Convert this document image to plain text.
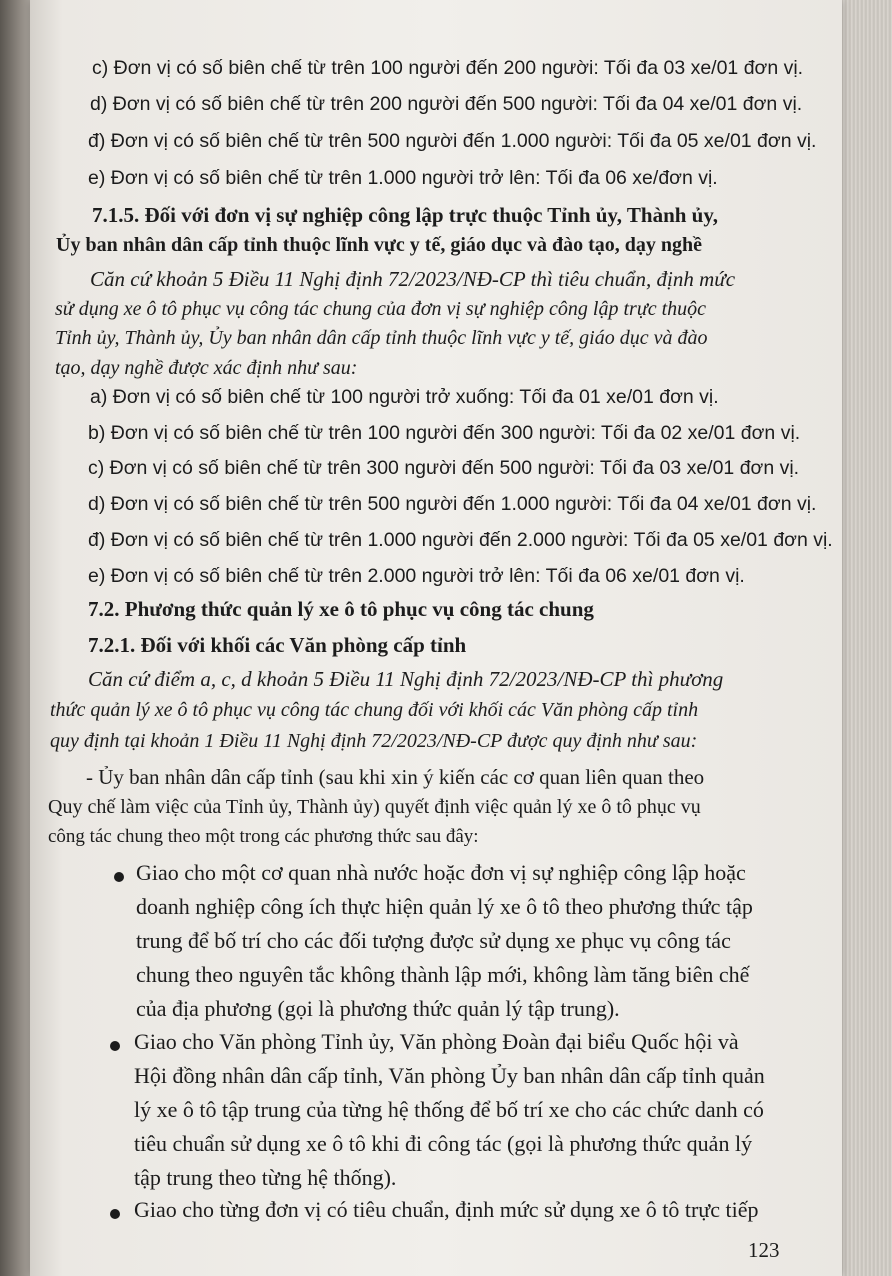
c) Đơn vị có số biên chế từ trên 100 người đến 200 người: Tối đa 03 xe/01 đơn vị.

d) Đơn vị có số biên chế từ trên 200 người đến 500 người: Tối đa 04 xe/01 đơn vị.

đ) Đơn vị có số biên chế từ trên 500 người đến 1.000 người: Tối đa 05 xe/01 đơn vị.

e) Đơn vị có số biên chế từ trên 1.000 người trở lên: Tối đa 06 xe/đơn vị.

7.1.5. Đối với đơn vị sự nghiệp công lập trực thuộc Tỉnh ủy, Thành ủy,

Ủy ban nhân dân cấp tỉnh thuộc lĩnh vực y tế, giáo dục và đào tạo, dạy nghề

Căn cứ khoản 5 Điều 11 Nghị định 72/2023/NĐ-CP thì tiêu chuẩn, định mức

sử dụng xe ô tô phục vụ công tác chung của đơn vị sự nghiệp công lập trực thuộc

Tỉnh ủy, Thành ủy, Ủy ban nhân dân cấp tỉnh thuộc lĩnh vực y tế, giáo dục và đào

tạo, dạy nghề được xác định như sau:

a) Đơn vị có số biên chế từ 100 người trở xuống: Tối đa 01 xe/01 đơn vị.

b) Đơn vị có số biên chế từ trên 100 người đến 300 người: Tối đa 02 xe/01 đơn vị.

c) Đơn vị có số biên chế từ trên 300 người đến 500 người: Tối đa 03 xe/01 đơn vị.

d) Đơn vị có số biên chế từ trên 500 người đến 1.000 người: Tối đa 04 xe/01 đơn vị.

đ) Đơn vị có số biên chế từ trên 1.000 người đến 2.000 người: Tối đa 05 xe/01 đơn vị.

e) Đơn vị có số biên chế từ trên 2.000 người trở lên: Tối đa 06 xe/01 đơn vị.

7.2. Phương thức quản lý xe ô tô phục vụ công tác chung

7.2.1. Đối với khối các Văn phòng cấp tỉnh

Căn cứ điểm a, c, d khoản 5 Điều 11 Nghị định 72/2023/NĐ-CP thì phương

thức quản lý xe ô tô phục vụ công tác chung đối với khối các Văn phòng cấp tỉnh

quy định tại khoản 1 Điều 11 Nghị định 72/2023/NĐ-CP được quy định như sau:

- Ủy ban nhân dân cấp tỉnh (sau khi xin ý kiến các cơ quan liên quan theo

Quy chế làm việc của Tỉnh ủy, Thành ủy) quyết định việc quản lý xe ô tô phục vụ

công tác chung theo một trong các phương thức sau đây:

Giao cho một cơ quan nhà nước hoặc đơn vị sự nghiệp công lập hoặc

doanh nghiệp công ích thực hiện quản lý xe ô tô theo phương thức tập

trung để bố trí cho các đối tượng được sử dụng xe phục vụ công tác

chung theo nguyên tắc không thành lập mới, không làm tăng biên chế

của địa phương (gọi là phương thức quản lý tập trung).

Giao cho Văn phòng Tỉnh ủy, Văn phòng Đoàn đại biểu Quốc hội và

Hội đồng nhân dân cấp tỉnh, Văn phòng Ủy ban nhân dân cấp tỉnh quản

lý xe ô tô tập trung của từng hệ thống để bố trí xe cho các chức danh có

tiêu chuẩn sử dụng xe ô tô khi đi công tác (gọi là phương thức quản lý

tập trung theo từng hệ thống).

Giao cho từng đơn vị có tiêu chuẩn, định mức sử dụng xe ô tô trực tiếp

123
